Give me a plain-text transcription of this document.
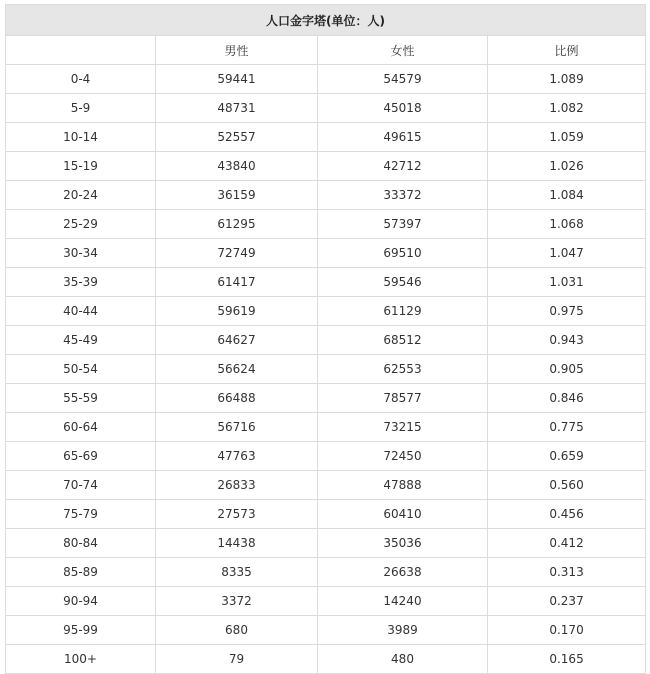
人口金字塔(单位：人)			
	男性	女性	比例
0-4	59441	54579	1.089
5-9	48731	45018	1.082
10-14	52557	49615	1.059
15-19	43840	42712	1.026
20-24	36159	33372	1.084
25-29	61295	57397	1.068
30-34	72749	69510	1.047
35-39	61417	59546	1.031
40-44	59619	61129	0.975
45-49	64627	68512	0.943
50-54	56624	62553	0.905
55-59	66488	78577	0.846
60-64	56716	73215	0.775
65-69	47763	72450	0.659
70-74	26833	47888	0.560
75-79	27573	60410	0.456
80-84	14438	35036	0.412
85-89	8335	26638	0.313
90-94	3372	14240	0.237
95-99	680	3989	0.170
100+	79	480	0.165
